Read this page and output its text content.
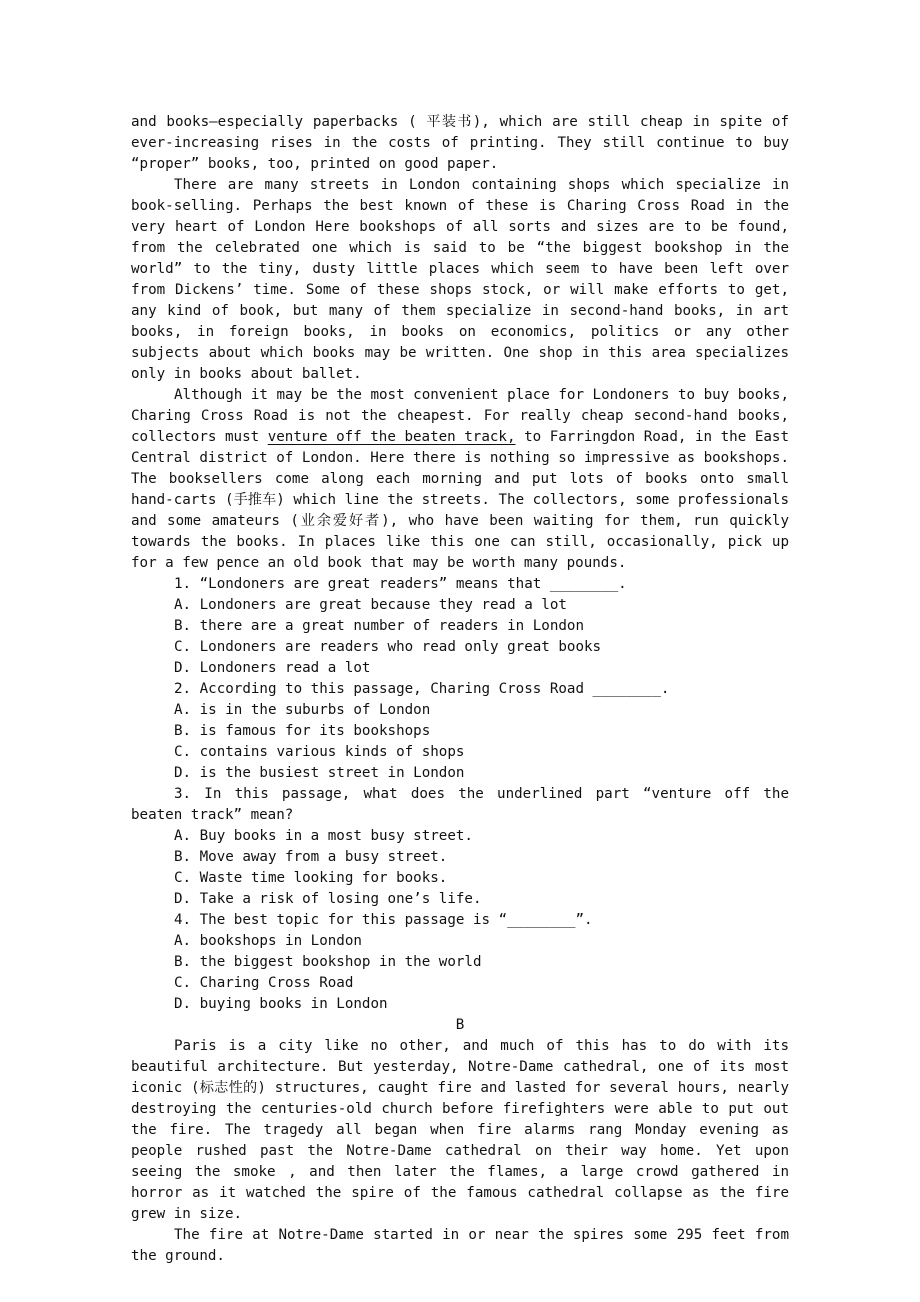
and books—especially paperbacks ( 平装书), which are still cheap in spite of ever-increasing rises in the costs of printing. They still continue to buy “proper” books, too, printed on good paper.

There are many streets in London containing shops which specialize in book-selling. Perhaps the best known of these is Charing Cross Road in the very heart of London Here bookshops of all sorts and sizes are to be found, from the celebrated one which is said to be “the biggest bookshop in the world” to the tiny, dusty little places which seem to have been left over from Dickens’ time. Some of these shops stock, or will make efforts to get, any kind of book, but many of them specialize in second-hand books, in art books, in foreign books, in books on economics, politics or any other subjects about which books may be written. One shop in this area specializes only in books about ballet.

Although it may be the most convenient place for Londoners to buy books, Charing Cross Road is not the cheapest. For really cheap second-hand books, collectors must venture off the beaten track, to Farringdon Road, in the East Central district of London. Here there is nothing so impressive as bookshops. The booksellers come along each morning and put lots of books onto small hand-carts (手推车) which line the streets. The collectors, some professionals and some amateurs (业余爱好者), who have been waiting for them, run quickly towards the books. In places like this one can still, occasionally, pick up for a few pence an old book that may be worth many pounds.

1. “Londoners are great readers” means that ________.

A. Londoners are great because they read a lot

B. there are a great number of readers in London

C. Londoners are readers who read only great books

D. Londoners read a lot

2. According to this passage, Charing Cross Road ________.

A. is in the suburbs of London

B. is famous for its bookshops

C. contains various kinds of shops

D. is the busiest street in London

3. In this passage, what does the underlined part “venture off the beaten track” mean?

A. Buy books in a most busy street.

B. Move away from a busy street.

C. Waste time looking for books.

D. Take a risk of losing one’s life.

4. The best topic for this passage is “________”.

A. bookshops in London

B. the biggest bookshop in the world

C. Charing Cross Road

D. buying books in London

B

Paris is a city like no other, and much of this has to do with its beautiful architecture. But yesterday, Notre-Dame cathedral, one of its most iconic (标志性的) structures, caught fire and lasted for several hours, nearly destroying the centuries-old church before firefighters were able to put out the fire. The tragedy all began when fire alarms rang Monday evening as people rushed past the Notre-Dame cathedral on their way home. Yet upon seeing the smoke , and then later the flames, a large crowd gathered in horror as it watched the spire of the famous cathedral collapse as the fire grew in size.

The fire at Notre-Dame started in or near the spires some 295 feet from the ground.
